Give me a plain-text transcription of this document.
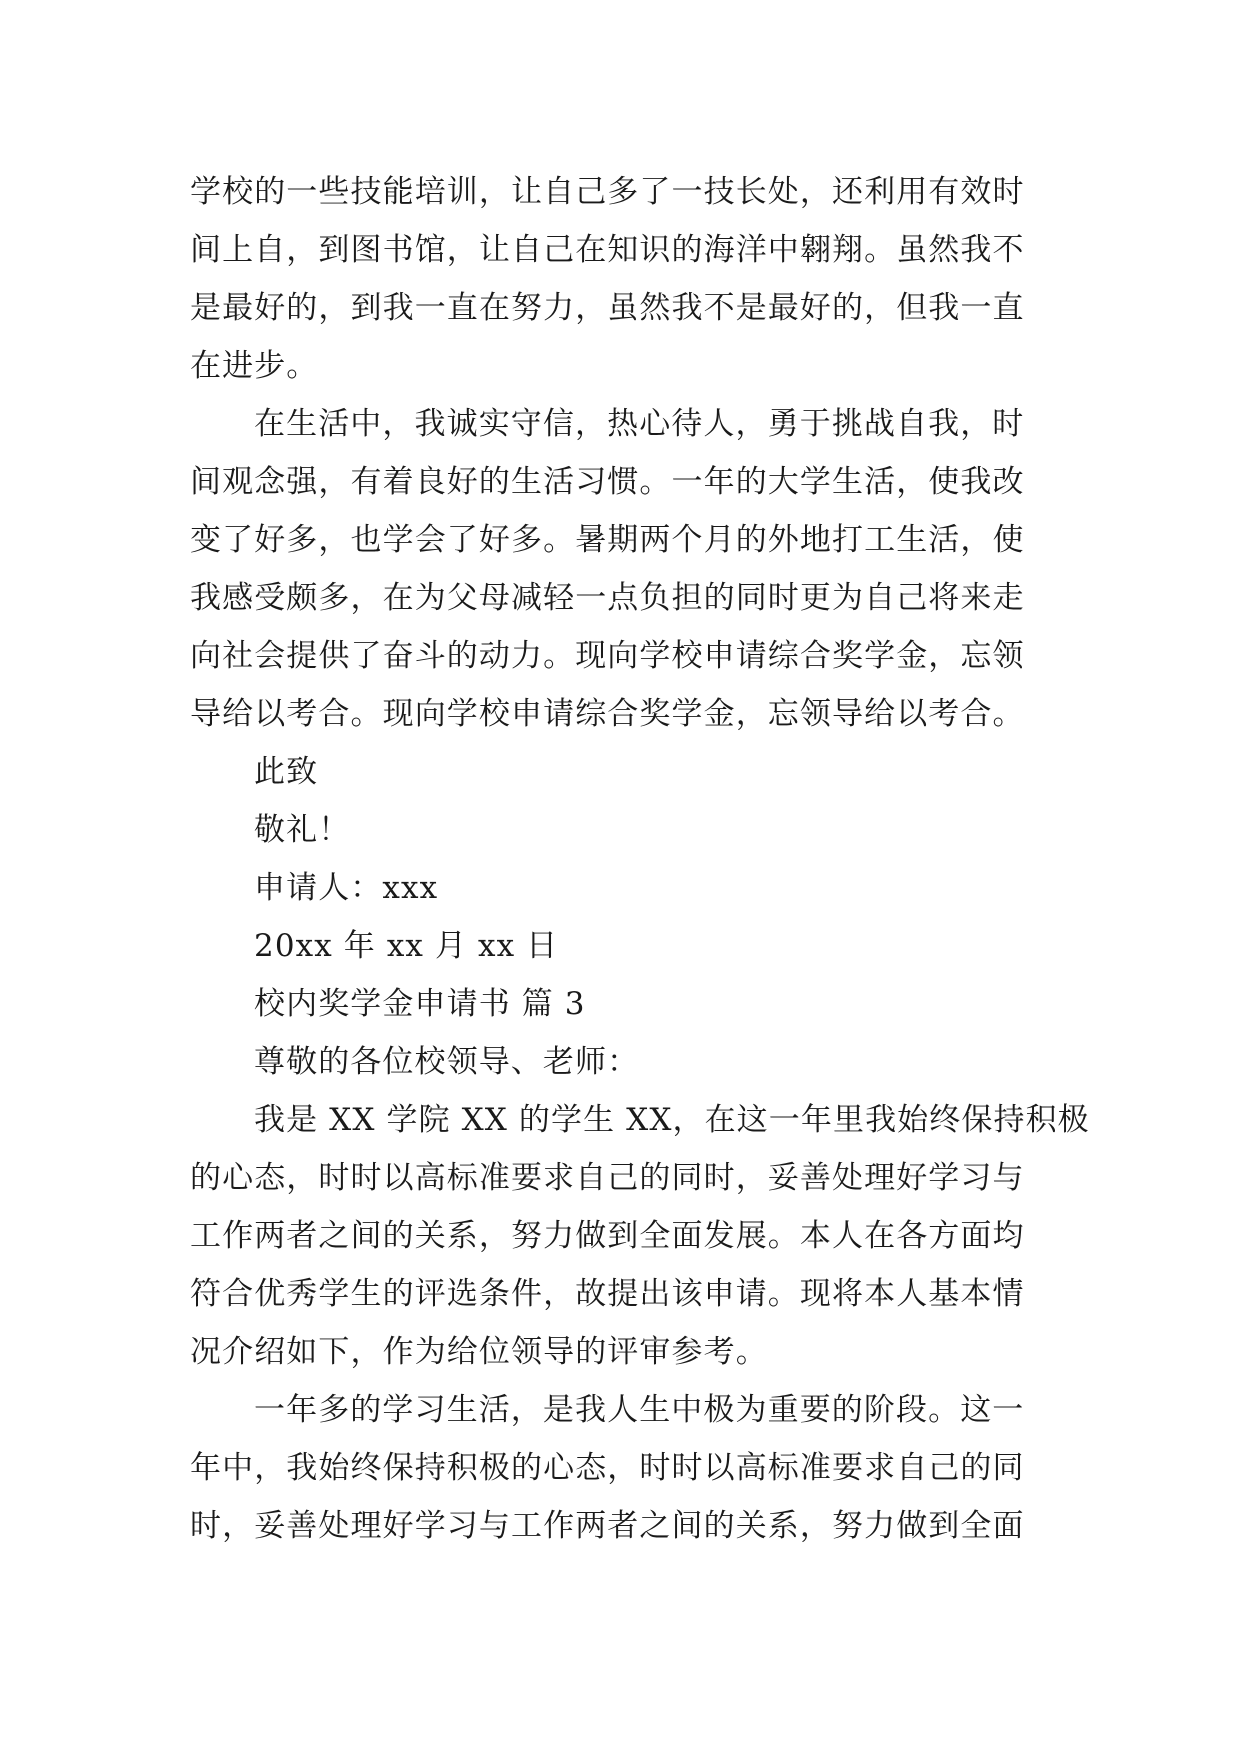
学校的一些技能培训，让自己多了一技长处，还利用有效时
间上自，到图书馆，让自己在知识的海洋中翱翔。虽然我不
是最好的，到我一直在努力，虽然我不是最好的，但我一直
在进步。
在生活中，我诚实守信，热心待人，勇于挑战自我，时
间观念强，有着良好的生活习惯。一年的大学生活，使我改
变了好多，也学会了好多。暑期两个月的外地打工生活，使
我感受颇多，在为父母减轻一点负担的同时更为自己将来走
向社会提供了奋斗的动力。现向学校申请综合奖学金，忘领
导给以考合。现向学校申请综合奖学金，忘领导给以考合。
此致
敬礼！
申请人：xxx
20xx 年 xx 月 xx 日
校内奖学金申请书 篇 3
尊敬的各位校领导、老师：
我是 XX 学院 XX 的学生 XX，在这一年里我始终保持积极
的心态，时时以高标准要求自己的同时，妥善处理好学习与
工作两者之间的关系，努力做到全面发展。本人在各方面均
符合优秀学生的评选条件，故提出该申请。现将本人基本情
况介绍如下，作为给位领导的评审参考。
一年多的学习生活，是我人生中极为重要的阶段。这一
年中，我始终保持积极的心态，时时以高标准要求自己的同
时，妥善处理好学习与工作两者之间的关系，努力做到全面
